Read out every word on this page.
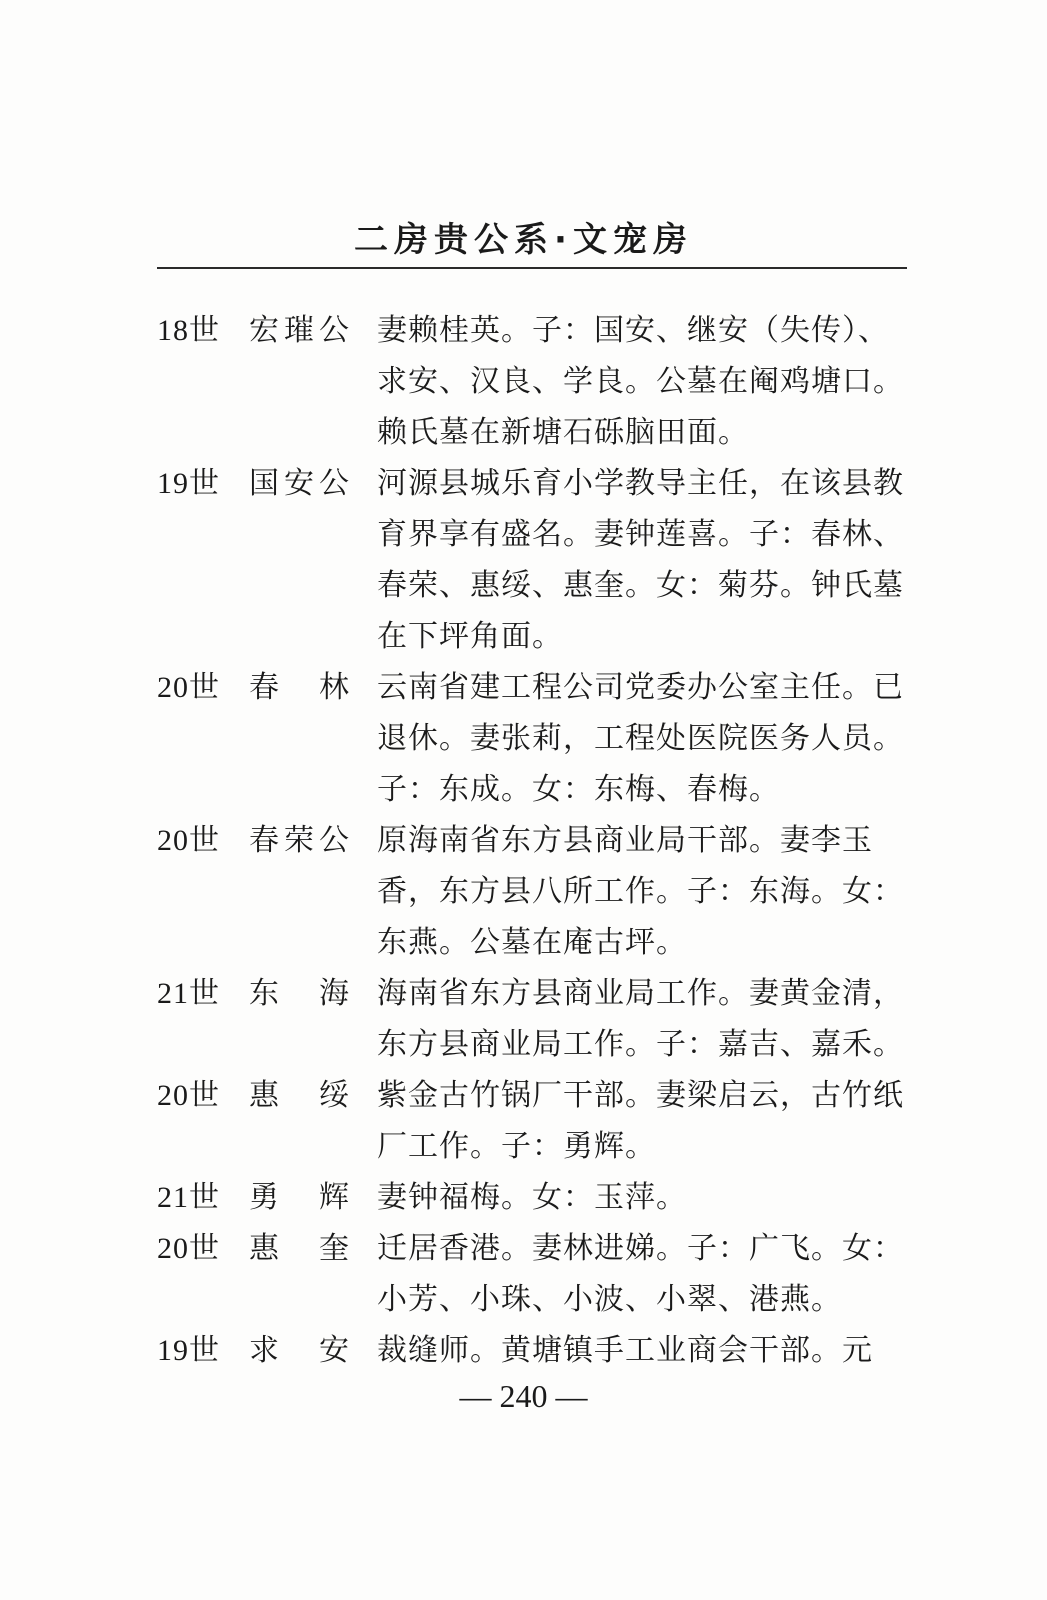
二房贵公系·文宠房
18世 宏璀公 妻赖桂英。子：国安、继安（失传）、求安、汉良、学良。公墓在阉鸡塘口。赖氏墓在新塘石砾脑田面。
19世 国安公 河源县城乐育小学教导主任，在该县教育界享有盛名。妻钟莲喜。子：春林、春荣、惠绥、惠奎。女：菊芬。钟氏墓在下坪角面。
20世 春林 云南省建工程公司党委办公室主任。已退休。妻张莉，工程处医院医务人员。子：东成。女：东梅、春梅。
20世 春荣公 原海南省东方县商业局干部。妻李玉香，东方县八所工作。子：东海。女：东燕。公墓在庵古坪。
21世 东海 海南省东方县商业局工作。妻黄金清，东方县商业局工作。子：嘉吉、嘉禾。
20世 惠绥 紫金古竹锅厂干部。妻梁启云，古竹纸厂工作。子：勇辉。
21世 勇辉 妻钟福梅。女：玉萍。
20世 惠奎 迁居香港。妻林进娣。子：广飞。女：小芳、小珠、小波、小翠、港燕。
19世 求安 裁缝师。黄塘镇手工业商会干部。元
— 240 —
